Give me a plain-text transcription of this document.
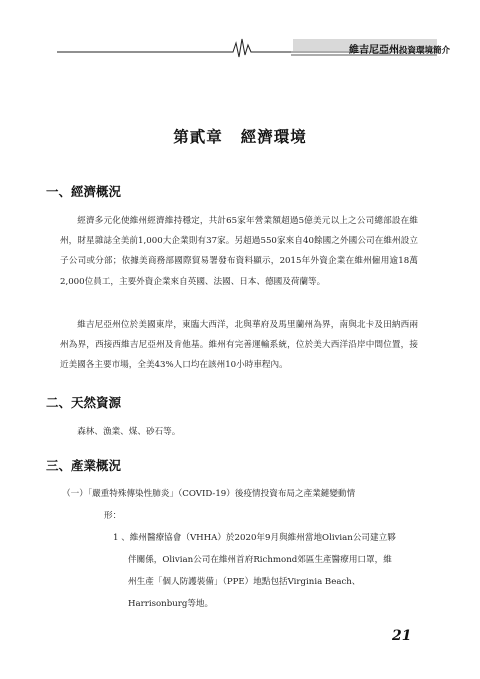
維吉尼亞州投資環境簡介
第貳章 經濟環境
一、經濟概況

經濟多元化使維州經濟維持穩定，共計65家年營業額超過5億美元以上之公司總部設在維州，財星雜誌全美前1,000大企業則有37家。另超過550家來自40餘國之外國公司在維州設立子公司或分部；依據美商務部國際貿易署發布資料顯示，2015年外資企業在維州僱用逾18萬2,000位員工，主要外資企業來自英國、法國、日本、德國及荷蘭等。

維吉尼亞州位於美國東岸，東臨大西洋，北與華府及馬里蘭州為界，南與北卡及田納西兩州為界，西接西維吉尼亞州及肯他基。維州有完善運輸系統，位於美大西洋沿岸中間位置，接近美國各主要市場，全美43%人口均在該州10小時車程內。

二、天然資源

森林、漁業、煤、砂石等。

三、產業概況
（一）「嚴重特殊傳染性肺炎」（COVID-19）後疫情投資布局之產業鏈變動情
形：
1 、維州醫療協會（VHHA）於2020年9月與維州當地Olivian公司建立夥
伴關係，Olivian公司在維州首府Richmond郊區生產醫療用口罩，維
州生產「個人防護裝備」（PPE）地點包括Virginia Beach、
Harrisonburg等地。
21
